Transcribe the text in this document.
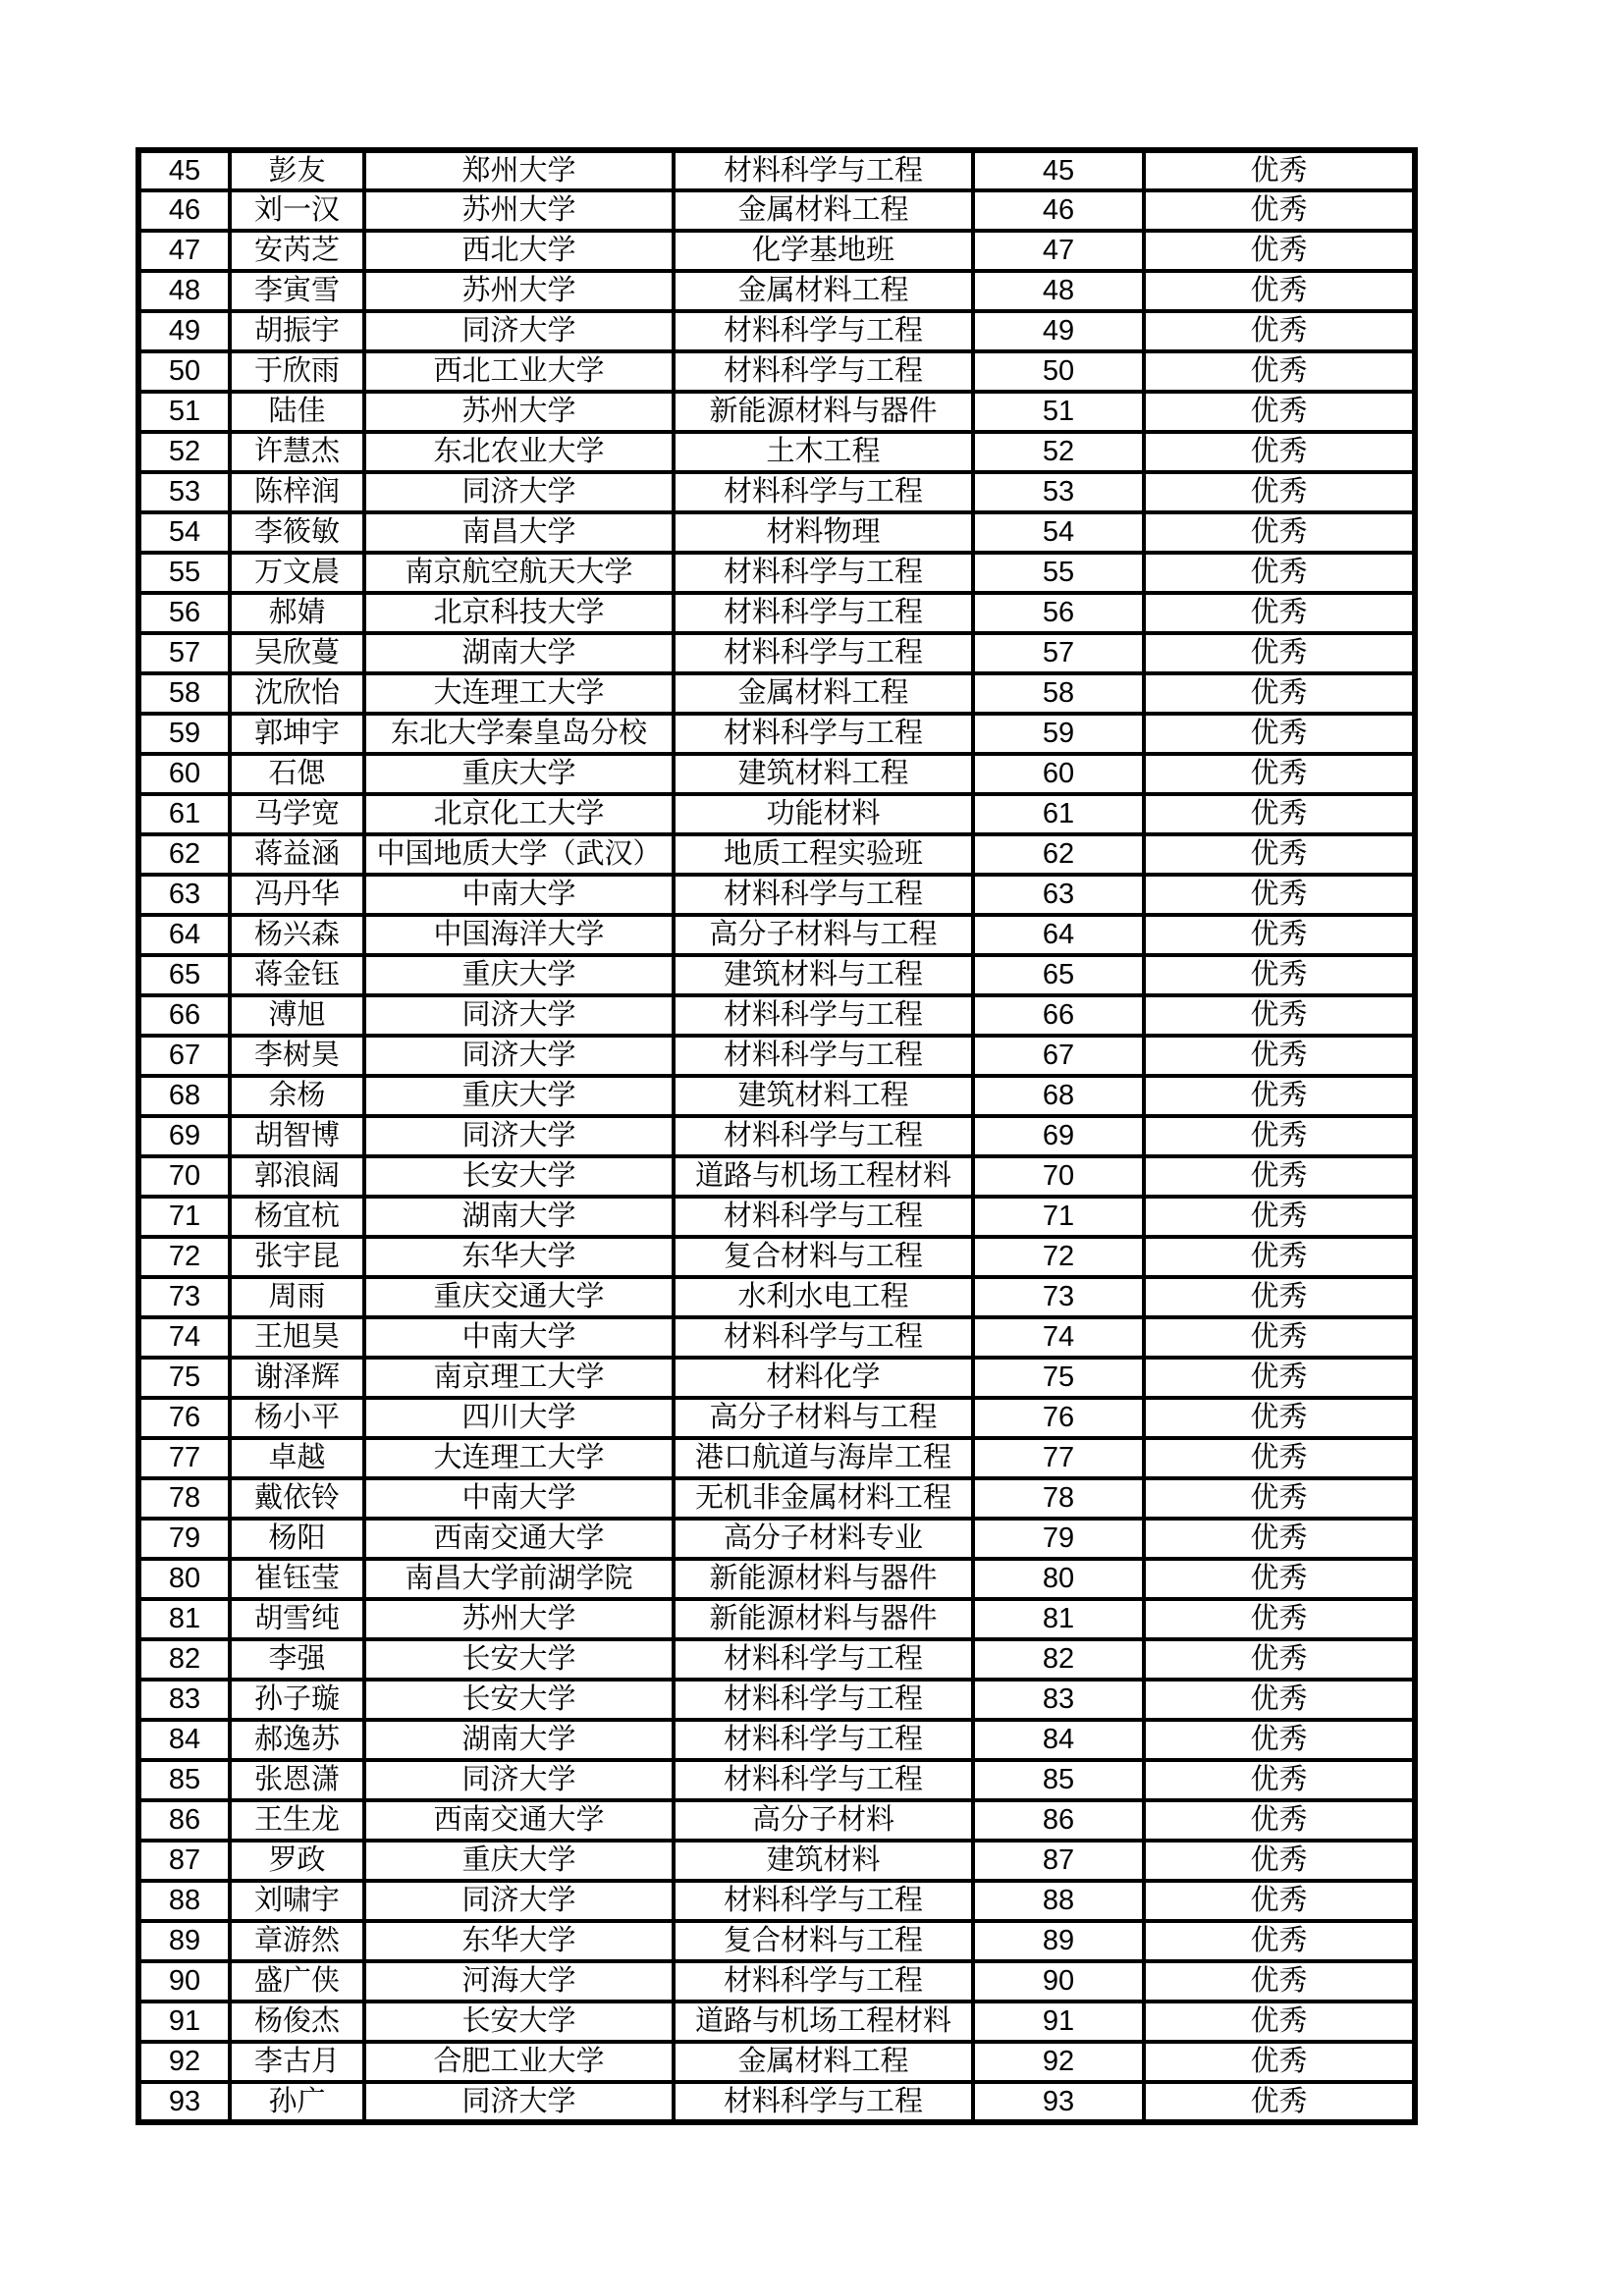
45	彭友	郑州大学	材料科学与工程	45	优秀
46	刘一汉	苏州大学	金属材料工程	46	优秀
47	安芮芝	西北大学	化学基地班	47	优秀
48	李寅雪	苏州大学	金属材料工程	48	优秀
49	胡振宇	同济大学	材料科学与工程	49	优秀
50	于欣雨	西北工业大学	材料科学与工程	50	优秀
51	陆佳	苏州大学	新能源材料与器件	51	优秀
52	许慧杰	东北农业大学	土木工程	52	优秀
53	陈梓润	同济大学	材料科学与工程	53	优秀
54	李筱敏	南昌大学	材料物理	54	优秀
55	万文晨	南京航空航天大学	材料科学与工程	55	优秀
56	郝婧	北京科技大学	材料科学与工程	56	优秀
57	吴欣蔓	湖南大学	材料科学与工程	57	优秀
58	沈欣怡	大连理工大学	金属材料工程	58	优秀
59	郭坤宇	东北大学秦皇岛分校	材料科学与工程	59	优秀
60	石偲	重庆大学	建筑材料工程	60	优秀
61	马学宽	北京化工大学	功能材料	61	优秀
62	蒋益涵	中国地质大学（武汉）	地质工程实验班	62	优秀
63	冯丹华	中南大学	材料科学与工程	63	优秀
64	杨兴森	中国海洋大学	高分子材料与工程	64	优秀
65	蒋金钰	重庆大学	建筑材料与工程	65	优秀
66	溥旭	同济大学	材料科学与工程	66	优秀
67	李树昊	同济大学	材料科学与工程	67	优秀
68	余杨	重庆大学	建筑材料工程	68	优秀
69	胡智博	同济大学	材料科学与工程	69	优秀
70	郭浪阔	长安大学	道路与机场工程材料	70	优秀
71	杨宜杭	湖南大学	材料科学与工程	71	优秀
72	张宇昆	东华大学	复合材料与工程	72	优秀
73	周雨	重庆交通大学	水利水电工程	73	优秀
74	王旭昊	中南大学	材料科学与工程	74	优秀
75	谢泽辉	南京理工大学	材料化学	75	优秀
76	杨小平	四川大学	高分子材料与工程	76	优秀
77	卓越	大连理工大学	港口航道与海岸工程	77	优秀
78	戴依铃	中南大学	无机非金属材料工程	78	优秀
79	杨阳	西南交通大学	高分子材料专业	79	优秀
80	崔钰莹	南昌大学前湖学院	新能源材料与器件	80	优秀
81	胡雪纯	苏州大学	新能源材料与器件	81	优秀
82	李强	长安大学	材料科学与工程	82	优秀
83	孙子璇	长安大学	材料科学与工程	83	优秀
84	郝逸苏	湖南大学	材料科学与工程	84	优秀
85	张恩潇	同济大学	材料科学与工程	85	优秀
86	王生龙	西南交通大学	高分子材料	86	优秀
87	罗政	重庆大学	建筑材料	87	优秀
88	刘啸宇	同济大学	材料科学与工程	88	优秀
89	章游然	东华大学	复合材料与工程	89	优秀
90	盛广侠	河海大学	材料科学与工程	90	优秀
91	杨俊杰	长安大学	道路与机场工程材料	91	优秀
92	李古月	合肥工业大学	金属材料工程	92	优秀
93	孙广	同济大学	材料科学与工程	93	优秀
